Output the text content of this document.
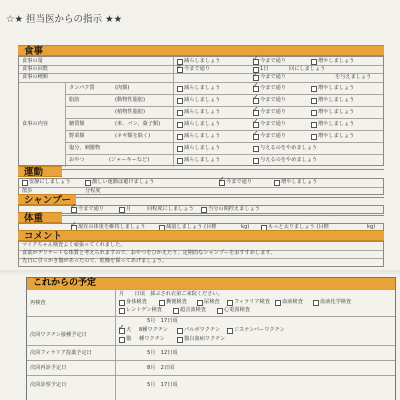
☆★ 担当医からの指示 ★★
食事
食事の量	減らしましょう	✓ 今まで通り	増やしましょう
食事の回数	✓ 今まで通り	1日	回にしましょう
食事の種類	✓ 今まで通り	を与えましょう
食事の内容
タンパク質	(肉類)	減らしましょう	✓ 今まで通り	増やしましょう
脂肪	(動物性脂肪)	減らしましょう	✓ 今まで通り	増やしましょう
(植物性脂肪)	減らしましょう	✓ 今まで通り	増やしましょう
糖質類	(米、パン、菓子類)	減らしましょう	✓ 今まで通り	増やしましょう
野菜類	(ネギ類を除く)	減らしましょう	✓ 今まで通り	増やしましょう
塩分、刺激物	減らしましょう	与えるのをやめましょう
おやつ	(ジャーキーなど)	減らしましょう	与えるのをやめましょう
運動
安静にしましょう	激しい運動は避けましょう	✓ 今まで通り	増やしましょう
散歩	分程度
シャンプー
✓ 今まで通り	月	回程度にしましょう	当分の間控えましょう
体重
✓ 現在の体重を維持しましょう	減量しましょう (目標	kg)	もっと太りましょう (目標	kg)
コメント
マイクちゃん検査よく頑張ってくれました。
食欲がデリケートな体質と考えられますので、おやつをひかえたり、定期的なシャンプーをおすすめします。
先日に引っかき傷があったので、乾燥を保ってあげましょう。
これからの予定
再検査
月　　日頃　採ぶされ衣第ご来院ください。
身体検査	糞便検査	尿検査	フィラリア検査 血液検査	血液化学検査
レントゲン検査	超音波検査	心電図検査
次回ワクチン接種予定日
5月　17日頃
✓ 犬 8種ワクチン	パルボワクチン	ジステンパーワクチン
猫 種ワクチン	猫白血病ワクチン
次回フィラリア投薬予定日	5月　12日頃
次回再診予定日	8月　2日頃
次回診察予定日	5月　17日頃
